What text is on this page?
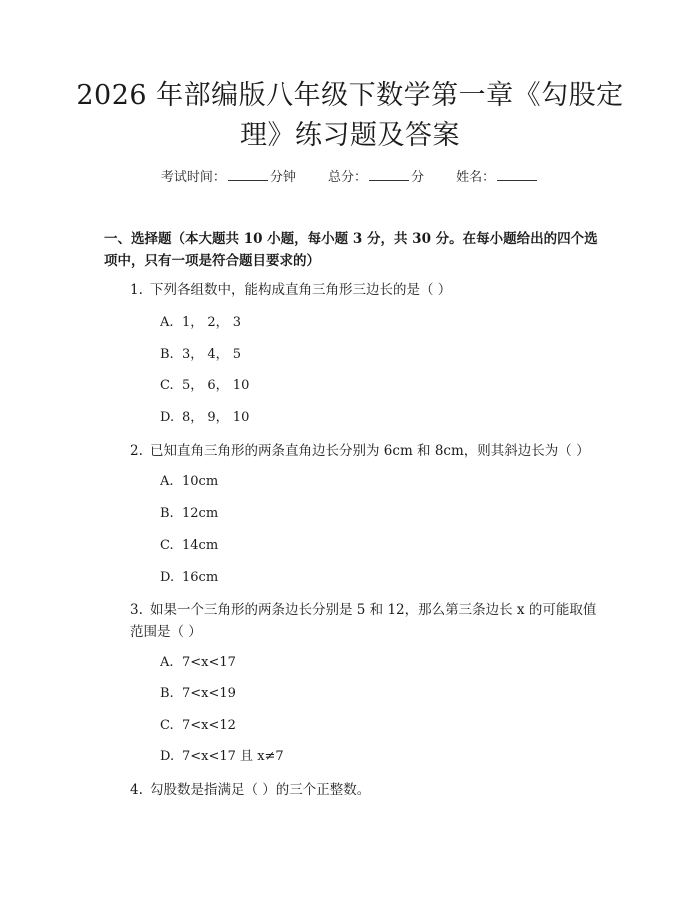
2026 年部编版八年级下数学第一章《勾股定
理》练习题及答案
考试时间：	分钟 总分：	分 姓名：

一、选择题（本大题共 10 小题，每小题 3 分，共 30 分。在每小题给出的四个选项中，只有一项是符合题目要求的）

1. 下列各组数中，能构成直角三角形三边长的是（ ）
A. 1， 2， 3
B. 3， 4， 5
C. 5， 6， 10
D. 8， 9， 10
2. 已知直角三角形的两条直角边长分别为 6cm 和 8cm，则其斜边长为（ ）
A. 10cm
B. 12cm
C. 14cm
D. 16cm
3. 如果一个三角形的两条边长分别是 5 和 12，那么第三条边长 x 的可能取值范围是（ ）
A. 7<x<17
B. 7<x<19
C. 7<x<12
D. 7<x<17 且 x≠7
4. 勾股数是指满足（ ）的三个正整数。
